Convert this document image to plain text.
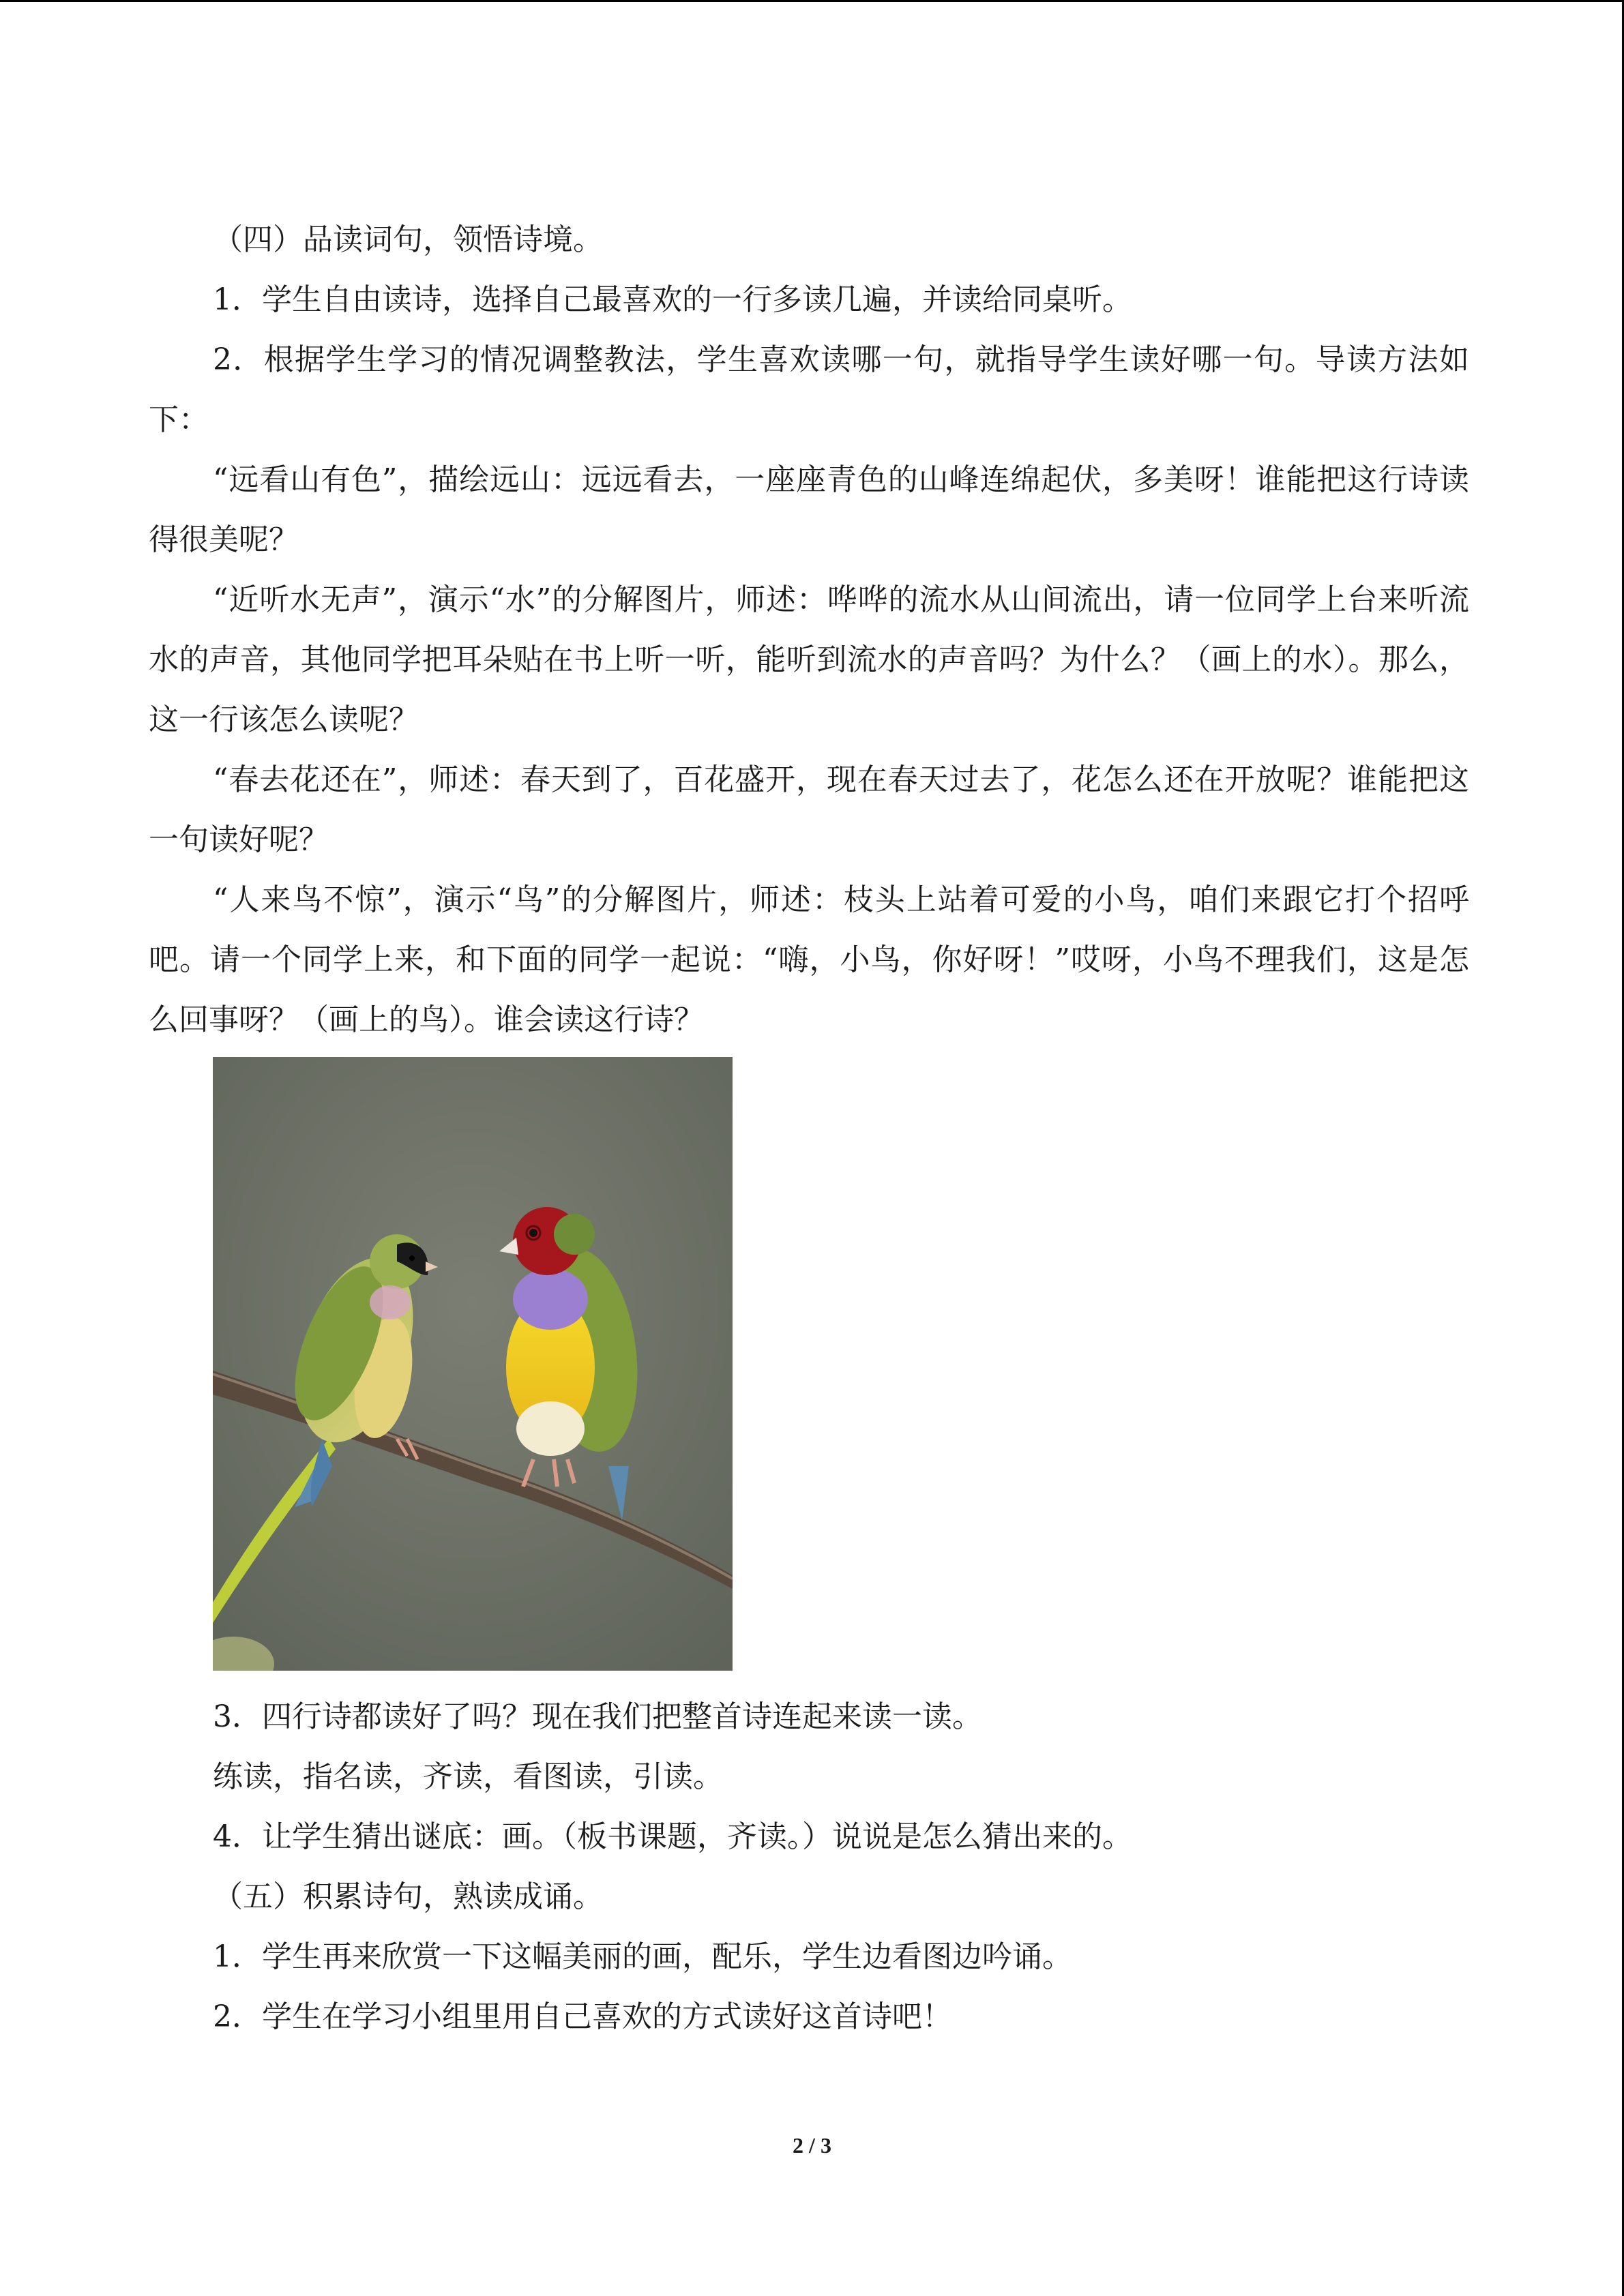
（四）品读词句，领悟诗境。

1．学生自由读诗，选择自己最喜欢的一行多读几遍，并读给同桌听。

2．根据学生学习的情况调整教法，学生喜欢读哪一句，就指导学生读好哪一句。导读方法如下：

“远看山有色”，描绘远山：远远看去，一座座青色的山峰连绵起伏，多美呀！谁能把这行诗读得很美呢？

“近听水无声”，演示“水”的分解图片，师述：哗哗的流水从山间流出，请一位同学上台来听流水的声音，其他同学把耳朵贴在书上听一听，能听到流水的声音吗？为什么？（画上的水）。那么，这一行该怎么读呢？

“春去花还在”，师述：春天到了，百花盛开，现在春天过去了，花怎么还在开放呢？谁能把这一句读好呢？

“人来鸟不惊”，演示“鸟”的分解图片，师述：枝头上站着可爱的小鸟，咱们来跟它打个招呼吧。请一个同学上来，和下面的同学一起说：“嗨，小鸟，你好呀！”哎呀，小鸟不理我们，这是怎么回事呀？（画上的鸟）。谁会读这行诗？

3．四行诗都读好了吗？现在我们把整首诗连起来读一读。

练读，指名读，齐读，看图读，引读。

4．让学生猜出谜底：画。（板书课题，齐读。）说说是怎么猜出来的。

（五）积累诗句，熟读成诵。

1．学生再来欣赏一下这幅美丽的画，配乐，学生边看图边吟诵。

2．学生在学习小组里用自己喜欢的方式读好这首诗吧！

2 / 3
